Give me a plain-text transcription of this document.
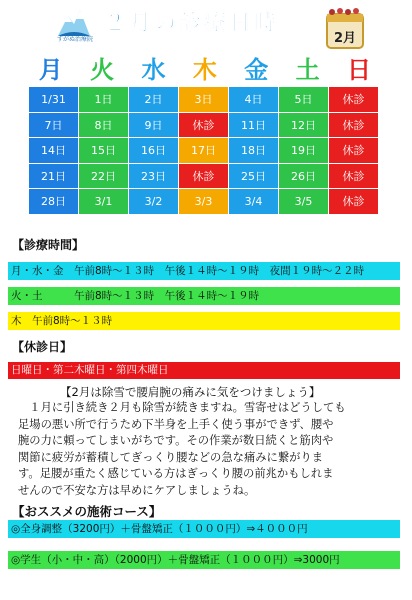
すがぬ治療院
２月の診療日時
2月
月	火	水	木	金	土	日
1/31	1日	2日	3日	4日	5日	休診
7日	8日	9日	休診	11日	12日	休診
14日	15日	16日	17日	18日	19日	休診
21日	22日	23日	休診	25日	26日	休診
28日	3/1	3/2	3/3	3/4	3/5	休診
【診療時間】
月・水・金　午前8時～１３時　午後１４時～１９時　夜間１９時～２２時
火・土　　　午前8時～１３時　午後１４時～１９時
木　午前8時～１３時
【休診日】
日曜日・第二木曜日・第四木曜日
【2月は除雪で腰肩腕の痛みに気をつけましょう】
　１月に引き続き２月も除雪が続きますね。雪寄せはどうしても
足場の悪い所で行うため下半身を上手く使う事ができず、腰や
腕の力に頼ってしまいがちです。その作業が数日続くと筋肉や
関節に疲労が蓄積してぎっくり腰などの急な痛みに繋がりま
す。足腰が重たく感じている方はぎっくり腰の前兆かもしれま
せんので不安な方は早めにケアしましょうね。
【おススメの施術コース】
◎全身調整（3200円）＋骨盤矯正（１０００円）⇒４０００円
◎学生（小・中・高）（2000円）＋骨盤矯正（１０００円）⇒3000円
